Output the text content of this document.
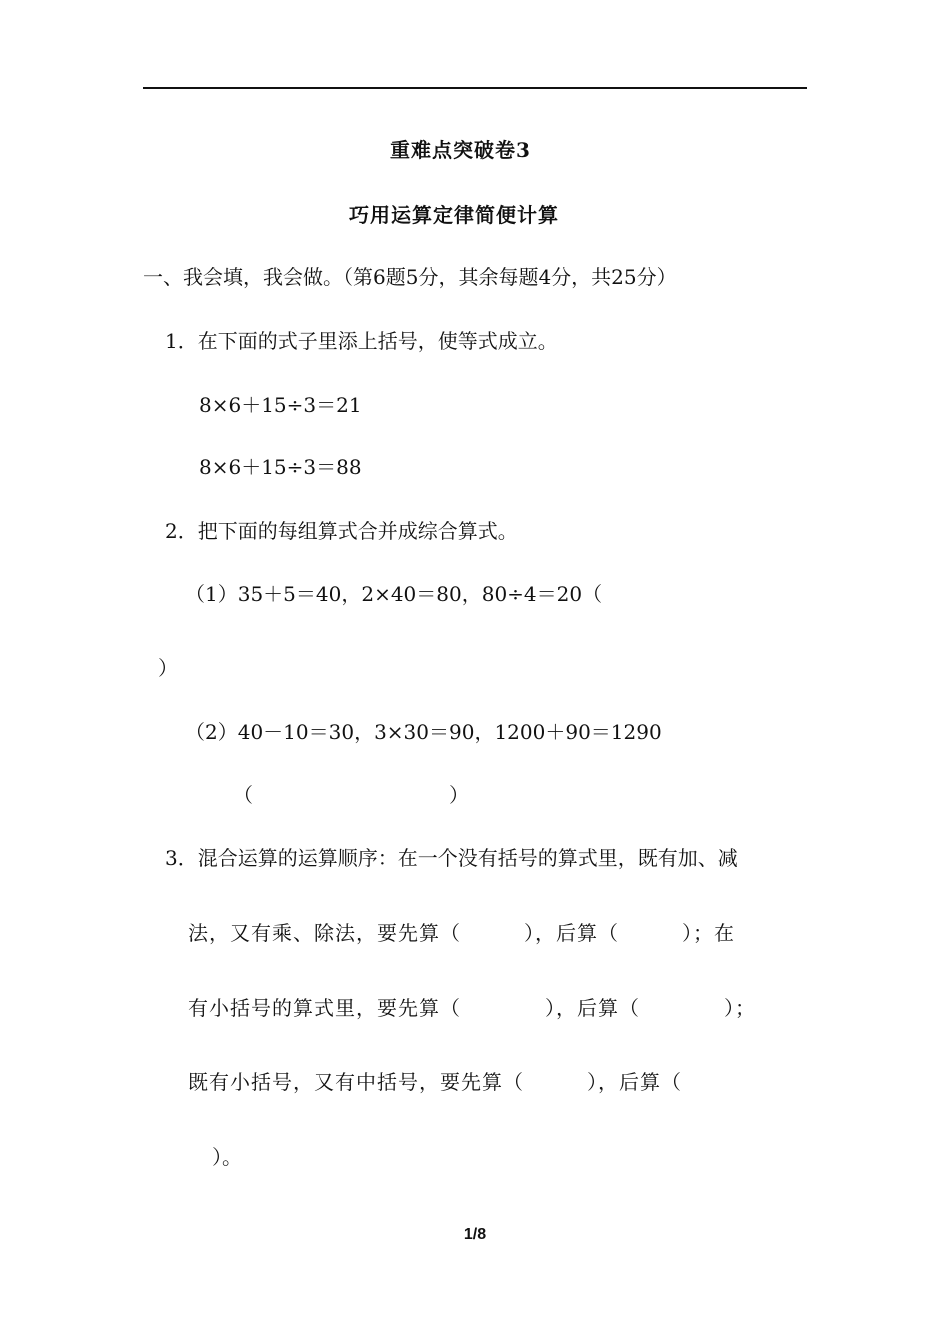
重难点突破卷3
巧用运算定律简便计算
一、我会填，我会做。（第6题5分，其余每题4分，共25分）
1．在下面的式子里添上括号，使等式成立。
8×6＋15÷3＝21
8×6＋15÷3＝88
2．把下面的每组算式合并成综合算式。
（1）35＋5＝40，2×40＝80，80÷4＝20（
）
（2）40－10＝30，3×30＝90，1200＋90＝1290
（	）
3．混合运算的运算顺序：在一个没有括号的算式里，既有加、减
法，又有乘、除法，要先算（　　　），后算（　　　）；在
有小括号的算式里，要先算（　　　　），后算（　　　　）；
既有小括号，又有中括号，要先算（　　　），后算（
）。
1/8
